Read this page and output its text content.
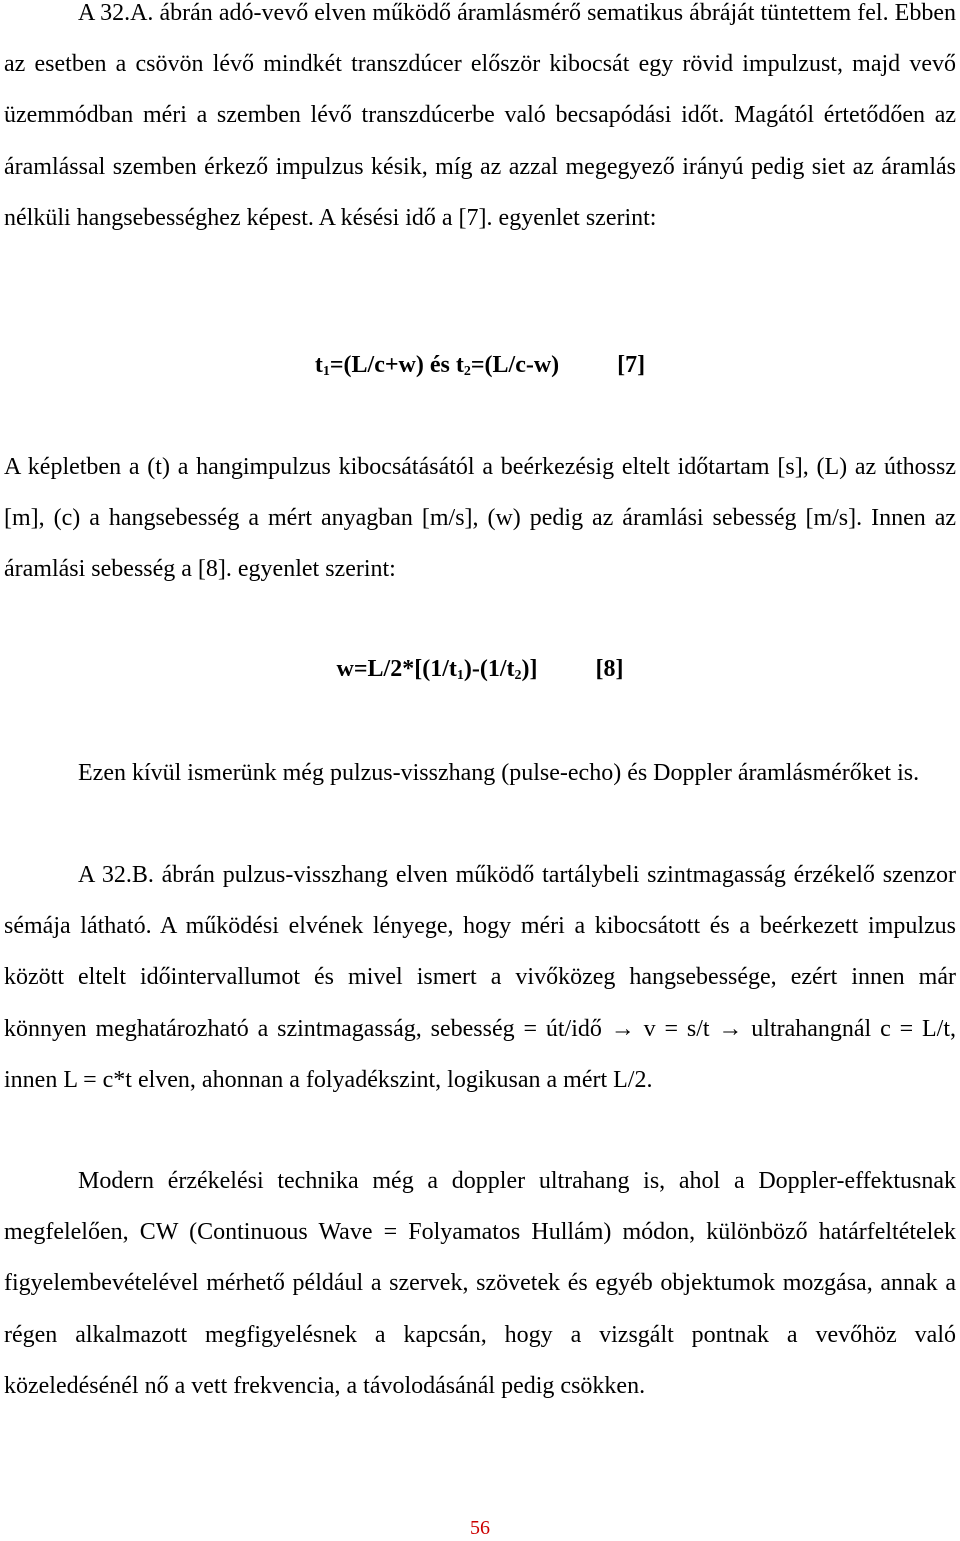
A 32.A. ábrán adó-vevő elven működő áramlásmérő sematikus ábráját tüntettem fel. Ebben az esetben a csövön lévő mindkét transzdúcer először kibocsát egy rövid impulzust, majd vevő üzemmódban méri a szemben lévő transzdúcerbe való becsapódási időt. Magától értetődően az áramlással szemben érkező impulzus késik, míg az azzal megegyező irányú pedig siet az áramlás nélküli hangsebességhez képest. A késési idő a [7]. egyenlet szerint:

$t_1=(L/c+w)$ és $t_2=(L/c-w)$ [7]

A képletben a (t) a hangimpulzus kibocsátásától a beérkezésig eltelt időtartam [s], (L) az úthossz [m], (c) a hangsebesség a mért anyagban [m/s], (w) pedig az áramlási sebesség [m/s]. Innen az áramlási sebesség a [8]. egyenlet szerint:

$w=L/2*[(1/t_1)-(1/t_2)]$ [8]

Ezen kívül ismerünk még pulzus-visszhang (pulse-echo) és Doppler áramlásmérőket is.

A 32.B. ábrán pulzus-visszhang elven működő tartálybeli szintmagasság érzékelő szenzor sémája látható. A működési elvének lényege, hogy méri a kibocsátott és a beérkezett impulzus között eltelt időintervallumot és mivel ismert a vivőközeg hangsebessége, ezért innen már könnyen meghatározható a szintmagasság, sebesség = út/idő → v = s/t → ultrahangnál c = L/t, innen L = c*t elven, ahonnan a folyadékszint, logikusan a mért L/2.

Modern érzékelési technika még a doppler ultrahang is, ahol a Doppler-effektusnak megfelelően, CW (Continuous Wave = Folyamatos Hullám) módon, különböző határfeltételek figyelembevételével mérhető például a szervek, szövetek és egyéb objektumok mozgása, annak a régen alkalmazott megfigyelésnek a kapcsán, hogy a vizsgált pontnak a vevőhöz való közeledésénél nő a vett frekvencia, a távolodásánál pedig csökken.

56
